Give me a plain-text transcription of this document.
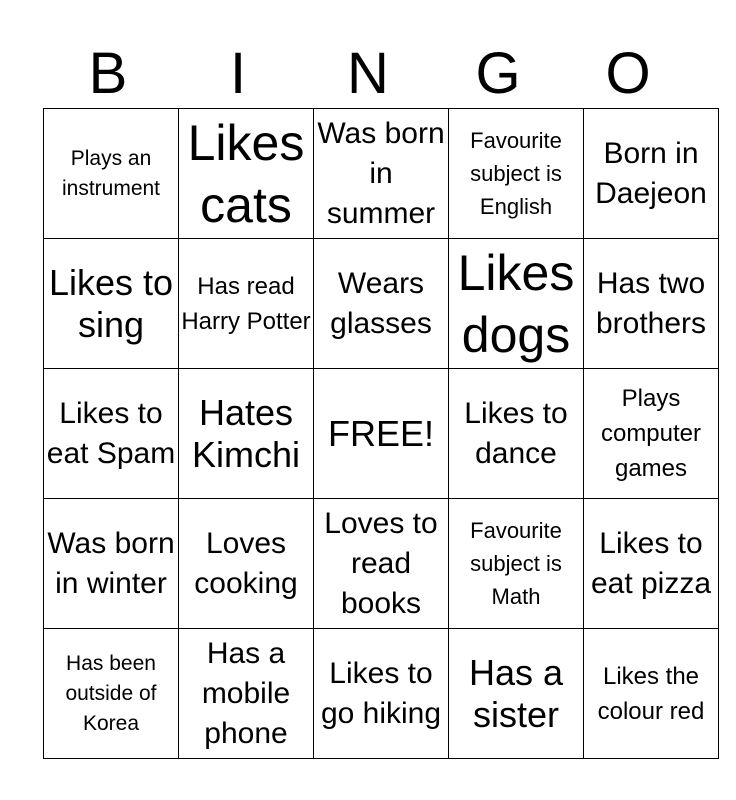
B	I	N	G	O
Plays an instrument	Likes cats	Was born in summer	Favourite subject is English	Born in Daejeon

Likes to sing	Has read Harry Potter	Wears glasses	Likes dogs	Has two brothers

Likes to eat Spam	Hates Kimchi	FREE!	Likes to dance	Plays computer games

Was born in winter	Loves cooking	Loves to read books	Favourite subject is Math	Likes to eat pizza

Has been outside of Korea	Has a mobile phone	Likes to go hiking	Has a sister	Likes the colour red
